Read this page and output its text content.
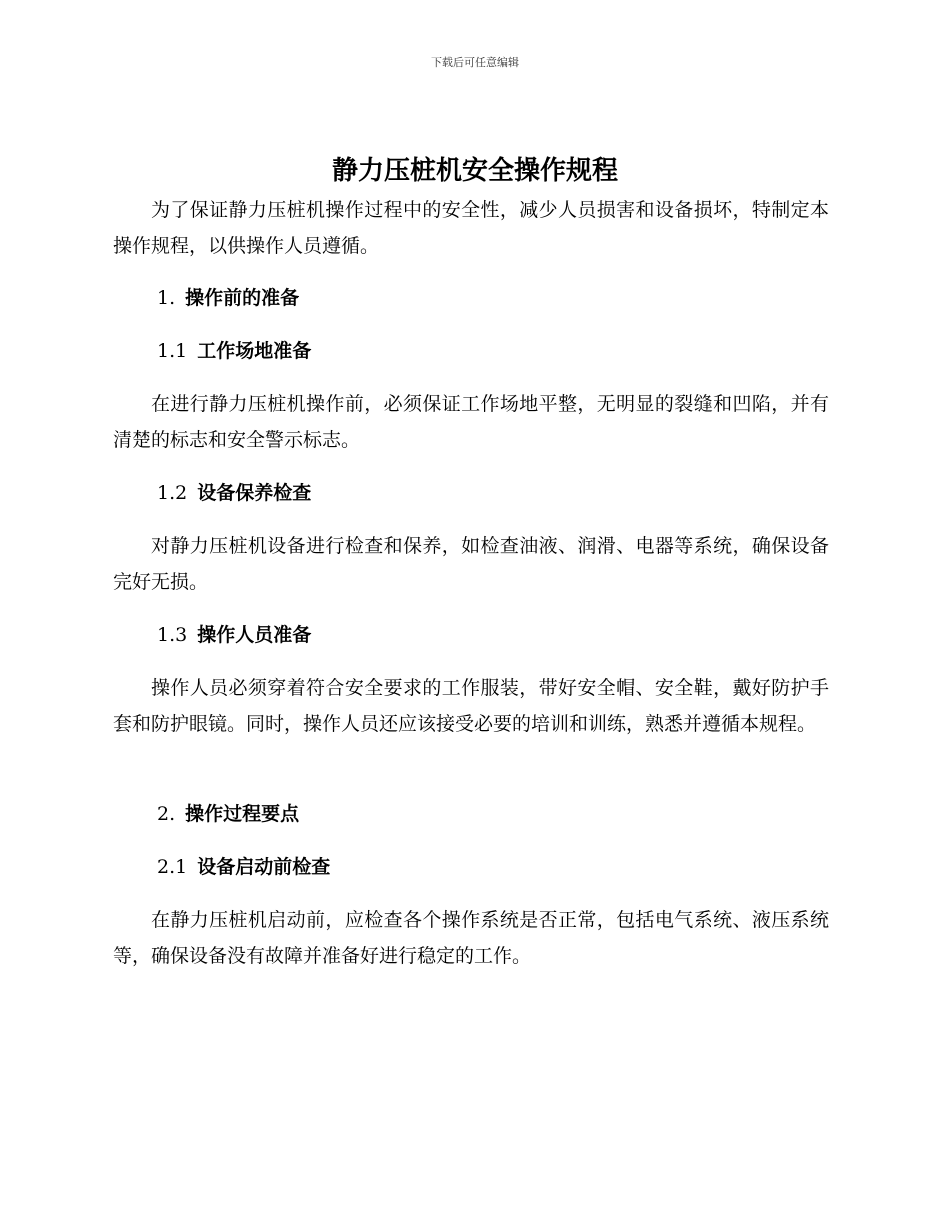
下载后可任意编辑
静力压桩机安全操作规程

为了保证静力压桩机操作过程中的安全性，减少人员损害和设备损坏，特制定本操作规程，以供操作人员遵循。

1. 操作前的准备
1.1 工作场地准备

在进行静力压桩机操作前，必须保证工作场地平整，无明显的裂缝和凹陷，并有清楚的标志和安全警示标志。

1.2 设备保养检查

对静力压桩机设备进行检查和保养，如检查油液、润滑、电器等系统，确保设备完好无损。

1.3 操作人员准备

操作人员必须穿着符合安全要求的工作服装，带好安全帽、安全鞋，戴好防护手套和防护眼镜。同时，操作人员还应该接受必要的培训和训练，熟悉并遵循本规程。

2. 操作过程要点
2.1 设备启动前检查

在静力压桩机启动前，应检查各个操作系统是否正常，包括电气系统、液压系统等，确保设备没有故障并准备好进行稳定的工作。
